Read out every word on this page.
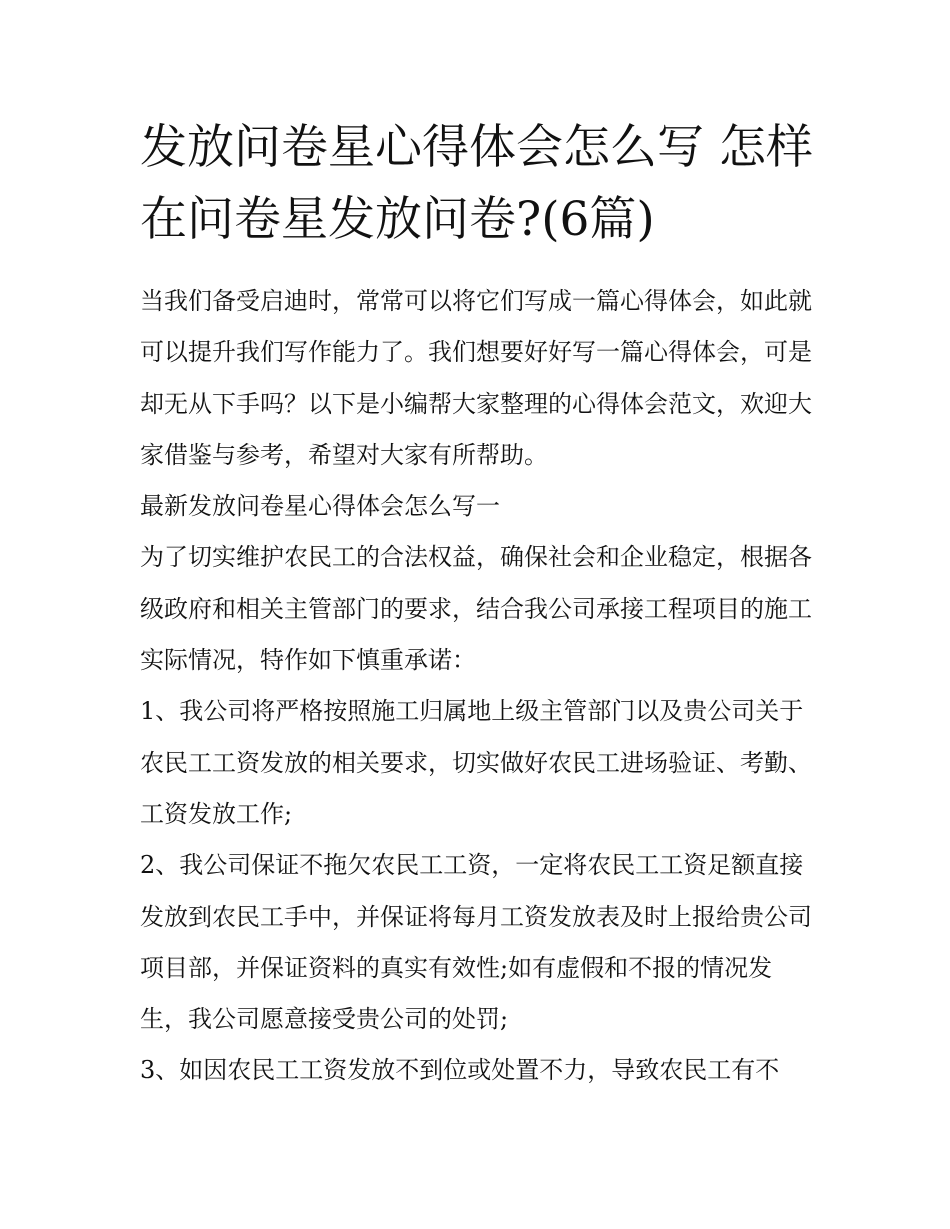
发放问卷星心得体会怎么写 怎样在问卷星发放问卷?(6篇)

当我们备受启迪时，常常可以将它们写成一篇心得体会，如此就可以提升我们写作能力了。我们想要好好写一篇心得体会，可是却无从下手吗？以下是小编帮大家整理的心得体会范文，欢迎大家借鉴与参考，希望对大家有所帮助。

最新发放问卷星心得体会怎么写一

为了切实维护农民工的合法权益，确保社会和企业稳定，根据各级政府和相关主管部门的要求，结合我公司承接工程项目的施工实际情况，特作如下慎重承诺：

1、我公司将严格按照施工归属地上级主管部门以及贵公司关于农民工工资发放的相关要求，切实做好农民工进场验证、考勤、工资发放工作;

2、我公司保证不拖欠农民工工资，一定将农民工工资足额直接发放到农民工手中，并保证将每月工资发放表及时上报给贵公司项目部，并保证资料的真实有效性;如有虚假和不报的情况发生，我公司愿意接受贵公司的处罚;

3、如因农民工工资发放不到位或处置不力，导致农民工有不
